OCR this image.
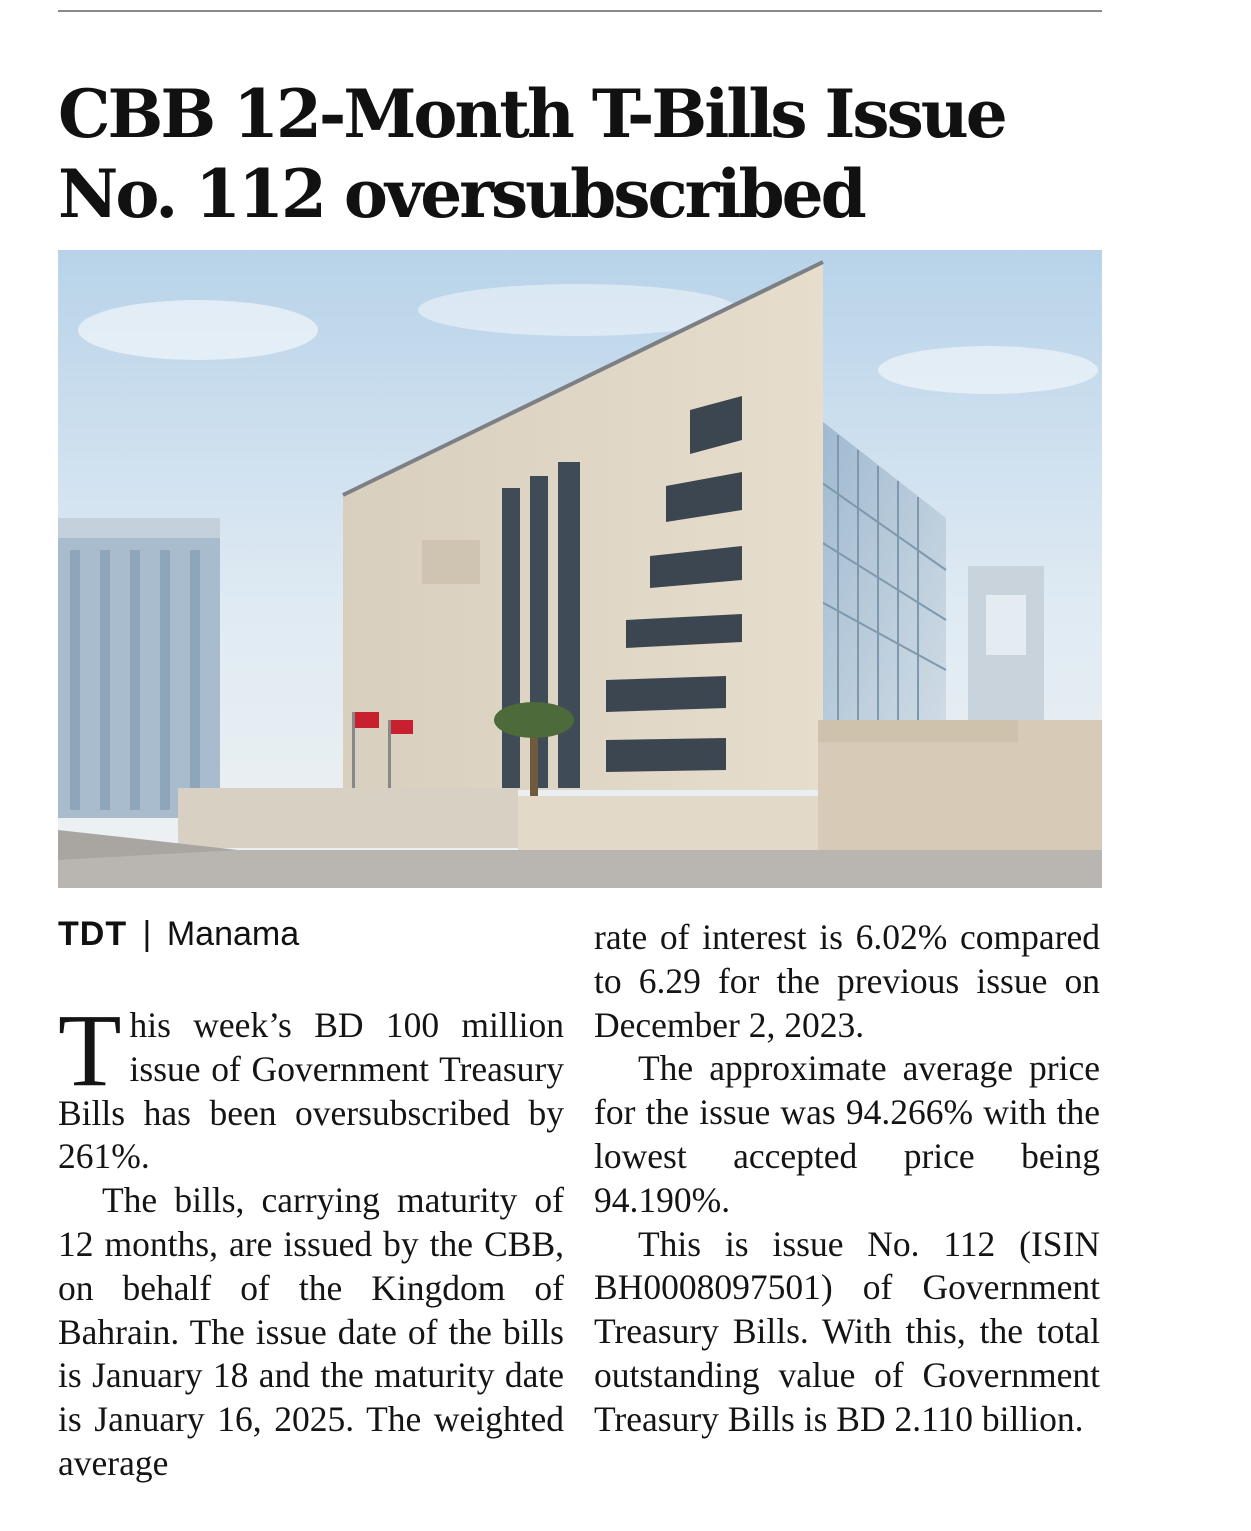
CBB 12-Month T-Bills Issue No. 112 oversubscribed
TDT | Manama

This week’s BD 100 million issue of Government Treasury Bills has been oversubscribed by 261%.

The bills, carrying maturity of 12 months, are issued by the CBB, on behalf of the Kingdom of Bahrain. The issue date of the bills is January 18 and the maturity date is January 16, 2025. The weighted average

rate of interest is 6.02% compared to 6.29 for the previous issue on December 2, 2023.

The approximate average price for the issue was 94.266% with the lowest accepted price being 94.190%.

This is issue No. 112 (ISIN BH0008097501) of Government Treasury Bills. With this, the total outstanding value of Government Treasury Bills is BD 2.110 billion.
